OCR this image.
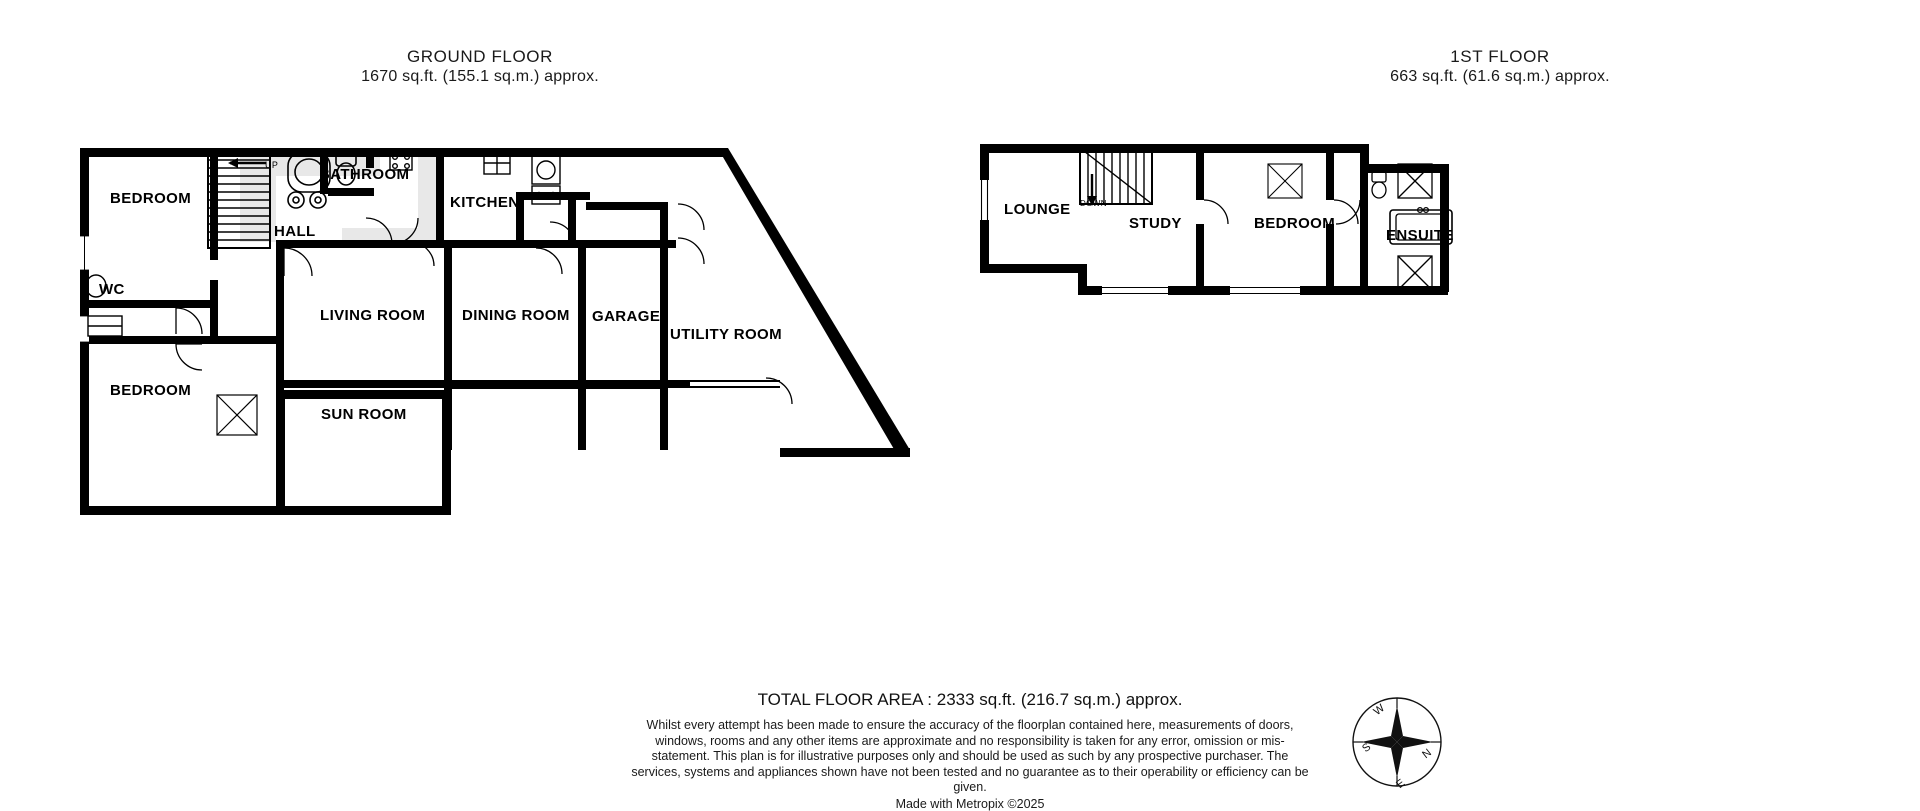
GROUND FLOOR
1670 sq.ft. (155.1 sq.m.) approx.
1ST FLOOR
663 sq.ft. (61.6 sq.m.) approx.
BEDROOM
BATHROOM
KITCHEN
HALL
WC
LIVING ROOM DINING ROOM GARAGE
UTILITY ROOM
BEDROOM
SUN ROOM
UP
LOUNGE
STUDY	BEDROOM
ENSUITE
DOWN
TOTAL FLOOR AREA : 2333 sq.ft. (216.7 sq.m.) approx.
Whilst every attempt has been made to ensure the accuracy of the floorplan contained here, measurements of doors, windows, rooms and any other items are approximate and no responsibility is taken for any error, omission or mis-statement. This plan is for illustrative purposes only and should be used as such by any prospective purchaser. The services, systems and appliances shown have not been tested and no guarantee as to their operability or efficiency can be given.
Made with Metropix ©2025
W
N
S
E
